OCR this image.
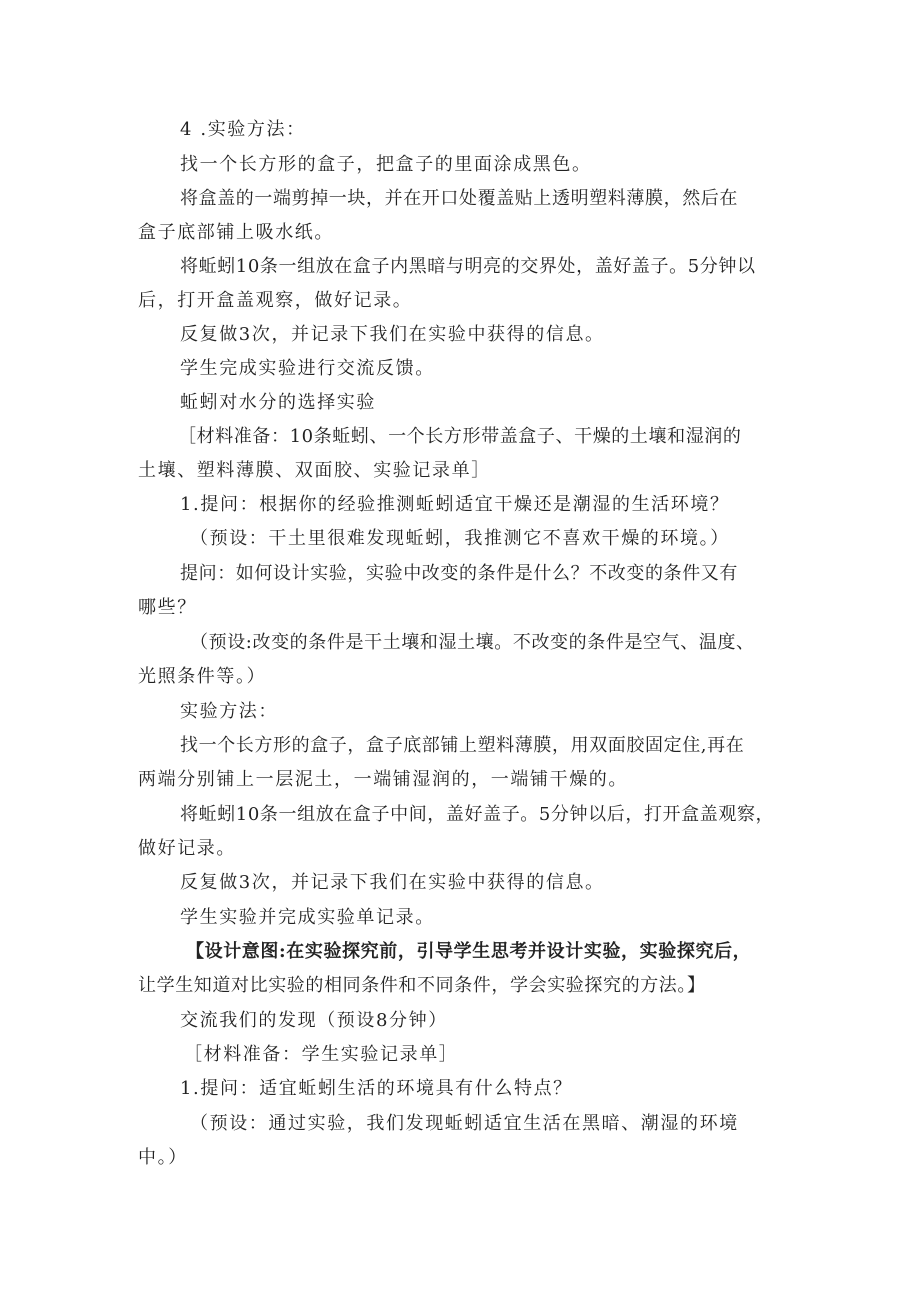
4 .实验方法：
找一个长方形的盒子，把盒子的里面涂成黑色。
将盒盖的一端剪掉一块，并在开口处覆盖贴上透明塑料薄膜，然后在
盒子底部铺上吸水纸。
将蚯蚓10条一组放在盒子内黑暗与明亮的交界处，盖好盖子。5分钟以
后，打开盒盖观察，做好记录。
反复做3次，并记录下我们在实验中获得的信息。
学生完成实验进行交流反馈。
蚯蚓对水分的选择实验
［材料准备：10条蚯蚓、一个长方形带盖盒子、干燥的土壤和湿润的
土壤、塑料薄膜、双面胶、实验记录单］
1.提问：根据你的经验推测蚯蚓适宜干燥还是潮湿的生活环境？
（预设：干土里很难发现蚯蚓，我推测它不喜欢干燥的环境。）
提问：如何设计实验，实验中改变的条件是什么？不改变的条件又有
哪些？
（预设:改变的条件是干土壤和湿土壤。不改变的条件是空气、温度、
光照条件等。）
实验方法：
找一个长方形的盒子，盒子底部铺上塑料薄膜，用双面胶固定住,再在
两端分别铺上一层泥土，一端铺湿润的，一端铺干燥的。
将蚯蚓10条一组放在盒子中间，盖好盖子。5分钟以后，打开盒盖观察，
做好记录。
反复做3次，并记录下我们在实验中获得的信息。
学生实验并完成实验单记录。
【设计意图:在实验探究前，引导学生思考并设计实验，实验探究后，
让学生知道对比实验的相同条件和不同条件，学会实验探究的方法。】
交流我们的发现（预设8分钟）
［材料准备：学生实验记录单］
1.提问：适宜蚯蚓生活的环境具有什么特点？
（预设：通过实验，我们发现蚯蚓适宜生活在黑暗、潮湿的环境
中。）
